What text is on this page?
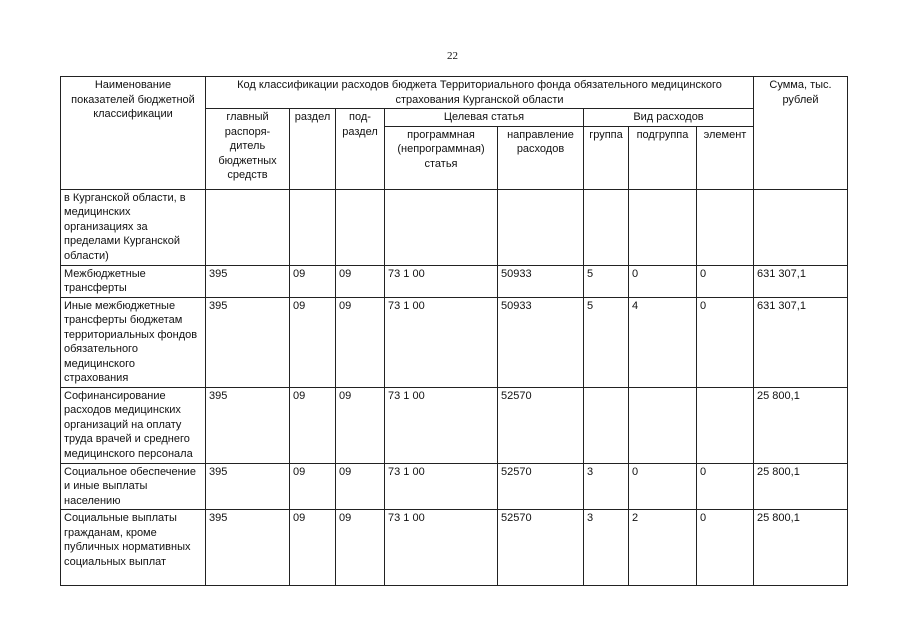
22
Наименование показателей бюджетной классификации	Код классификации расходов бюджета Территориального фонда обязательного медицинского страхования Курганской области								Сумма, тыс. рублей
	главный распоря-дитель бюджетных средств	раздел	под-раздел	Целевая статья		Вид расходов			
				программная (непрограммная) статья	направление расходов	группа	подгруппа	элемент	
в Курганской области, в медицинских организациях за пределами Курганской области)									
Межбюджетные трансферты	395	09	09	73 1 00	50933	5	0	0	631 307,1
Иные межбюджетные трансферты бюджетам территориальных фондов обязательного медицинского страхования	395	09	09	73 1 00	50933	5	4	0	631 307,1
Софинансирование расходов медицинских организаций на оплату труда врачей и среднего медицинского персонала	395	09	09	73 1 00	52570				25 800,1
Социальное обеспечение и иные выплаты населению	395	09	09	73 1 00	52570	3	0	0	25 800,1
Социальные выплаты гражданам, кроме публичных нормативных социальных выплат	395	09	09	73 1 00	52570	3	2	0	25 800,1
